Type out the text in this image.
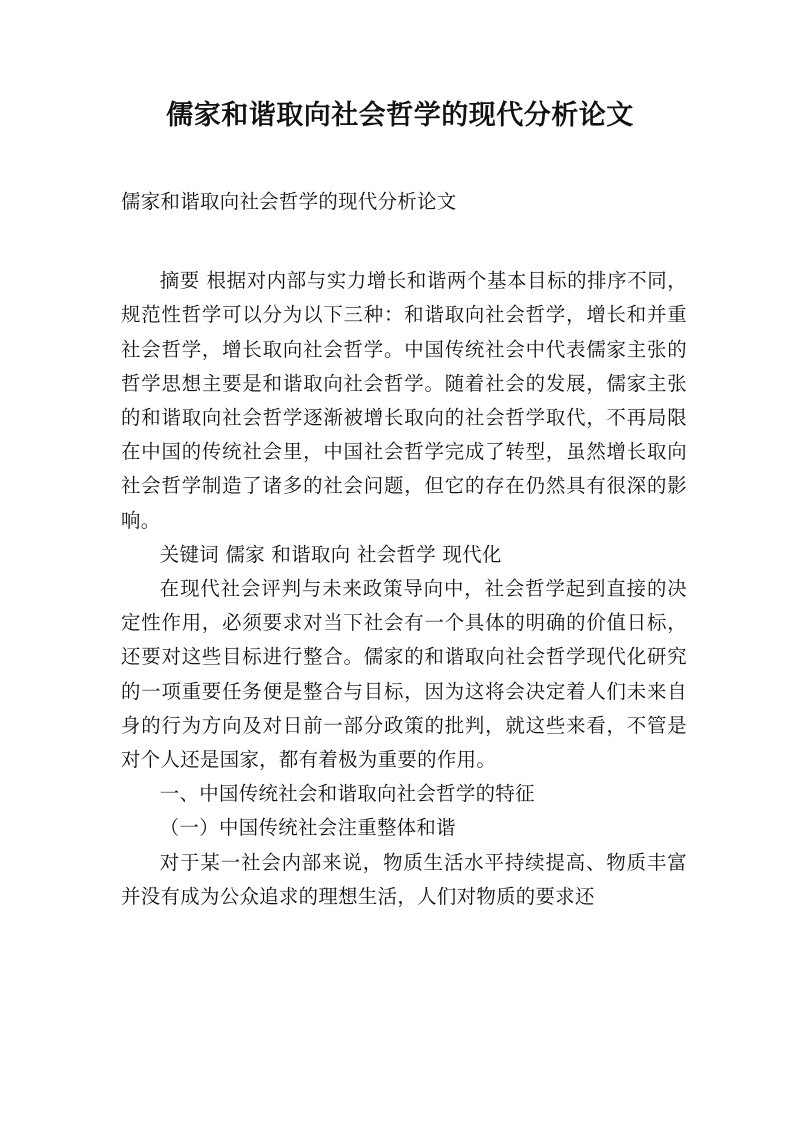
儒家和谐取向社会哲学的现代分析论文

儒家和谐取向社会哲学的现代分析论文

摘要 根据对内部与实力增长和谐两个基本目标的排序不同，规范性哲学可以分为以下三种：和谐取向社会哲学，增长和并重社会哲学，增长取向社会哲学。中国传统社会中代表儒家主张的哲学思想主要是和谐取向社会哲学。随着社会的发展，儒家主张的和谐取向社会哲学逐渐被增长取向的社会哲学取代，不再局限在中国的传统社会里，中国社会哲学完成了转型，虽然增长取向社会哲学制造了诸多的社会问题，但它的存在仍然具有很深的影响。

关键词 儒家 和谐取向 社会哲学 现代化

在现代社会评判与未来政策导向中，社会哲学起到直接的决定性作用，必须要求对当下社会有一个具体的明确的价值日标，还要对这些目标进行整合。儒家的和谐取向社会哲学现代化研究的一项重要任务便是整合与目标，因为这将会决定着人们未来自身的行为方向及对日前一部分政策的批判，就这些来看，不管是对个人还是国家，都有着极为重要的作用。

一、中国传统社会和谐取向社会哲学的特征

（一）中国传统社会注重整体和谐

对于某一社会内部来说，物质生活水平持续提高、物质丰富并没有成为公众追求的理想生活，人们对物质的要求还
